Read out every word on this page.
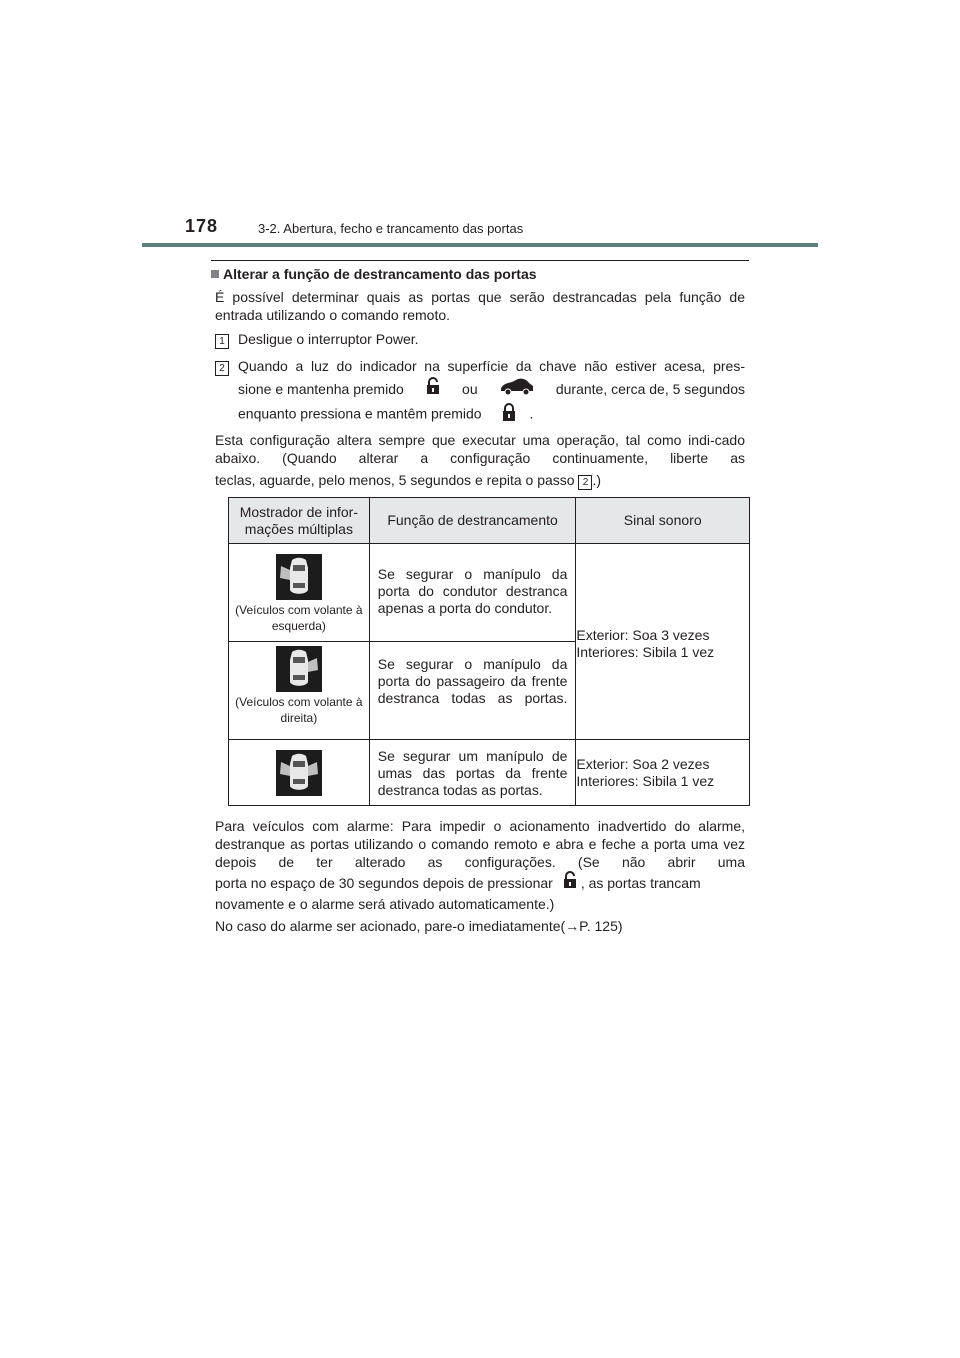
178	3-2. Abertura, fecho e trancamento das portas
Alterar a função de destrancamento das portas
É possível determinar quais as portas que serão destrancadas pela função de entrada utilizando o comando remoto.
1 Desligue o interruptor Power.
2 Quando a luz do indicador na superfície da chave não estiver acesa, pres-
sione e mantenha premido	ou	durante, cerca de, 5 segundos
enquanto pressiona e mantêm premido	.
Esta configuração altera sempre que executar uma operação, tal como indi-cado abaixo. (Quando alterar a configuração continuamente, liberte as
teclas, aguarde, pelo menos, 5 segundos e repita o passo 2 .)
Mostrador de infor-mações múltiplas	Função de destrancamento	Sinal sonoro

(Veículos com volante à esquerda)	Se segurar o manípulo da porta do condutor destranca apenas a porta do condutor.	Exterior: Soa 3 vezes
Interiores: Sibila 1 vez

(Veículos com volante à direita)	Se segurar o manípulo da porta do passageiro da frente destranca todas as portas.	

Se segurar um manípulo de umas das portas da frente destranca todas as portas.	Exterior: Soa 2 vezes
Interiores: Sibila 1 vez
Para veículos com alarme: Para impedir o acionamento inadvertido do alarme, destranque as portas utilizando o comando remoto e abra e feche a porta uma vez depois de ter alterado as configurações. (Se não abrir uma
porta no espaço de 30 segundos depois de pressionar , as portas trancam
novamente e o alarme será ativado automaticamente.)
No caso do alarme ser acionado, pare-o imediatamente(→P. 125)
